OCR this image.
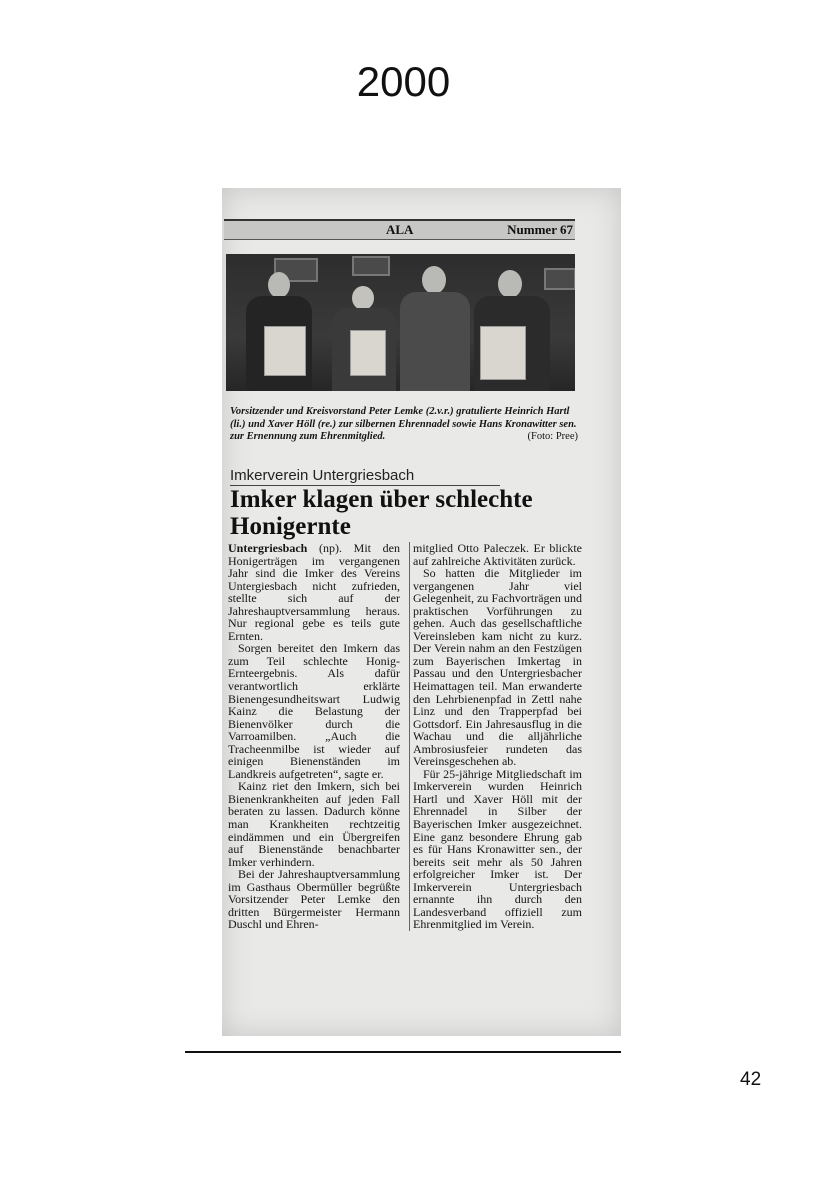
2000
ALA	Nummer 67
Vorsitzender und Kreisvorstand Peter Lemke (2.v.r.) gratulierte Heinrich Hartl (li.) und Xaver Höll (re.) zur silbernen Ehrennadel sowie Hans Kronawitter sen. zur Ernennung zum Ehrenmitglied.	(Foto: Pree)
Imkerverein Untergriesbach
Imker klagen über schlechte Honigernte

Untergriesbach (np). Mit den Honigerträgen im vergangenen Jahr sind die Imker des Vereins Untergiesbach nicht zufrieden, stellte sich auf der Jahreshauptversammlung heraus. Nur regional gebe es teils gute Ernten.

Sorgen bereitet den Imkern das zum Teil schlechte Honig-Ernteergebnis. Als dafür verantwortlich erklärte Bienengesundheitswart Ludwig Kainz die Belastung der Bienenvölker durch die Varroamilben. „Auch die Tracheenmilbe ist wieder auf einigen Bienenständen im Landkreis aufgetreten“, sagte er.

Kainz riet den Imkern, sich bei Bienenkrankheiten auf jeden Fall beraten zu lassen. Dadurch könne man Krankheiten rechtzeitig eindämmen und ein Übergreifen auf Bienenstände benachbarter Imker verhindern.

Bei der Jahreshauptversammlung im Gasthaus Obermüller begrüßte Vorsitzender Peter Lemke den dritten Bürgermeister Hermann Duschl und Ehren-

mitglied Otto Paleczek. Er blickte auf zahlreiche Aktivitäten zurück.

So hatten die Mitglieder im vergangenen Jahr viel Gelegenheit, zu Fachvorträgen und praktischen Vorführungen zu gehen. Auch das gesellschaftliche Vereinsleben kam nicht zu kurz. Der Verein nahm an den Festzügen zum Bayerischen Imkertag in Passau und den Untergriesbacher Heimattagen teil. Man erwanderte den Lehrbienenpfad in Zettl nahe Linz und den Trapperpfad bei Gottsdorf. Ein Jahresausflug in die Wachau und die alljährliche Ambrosiusfeier rundeten das Vereinsgeschehen ab.

Für 25-jährige Mitgliedschaft im Imkerverein wurden Heinrich Hartl und Xaver Höll mit der Ehrennadel in Silber der Bayerischen Imker ausgezeichnet. Eine ganz besondere Ehrung gab es für Hans Kronawitter sen., der bereits seit mehr als 50 Jahren erfolgreicher Imker ist. Der Imkerverein Untergriesbach ernannte ihn durch den Landesverband offiziell zum Ehrenmitglied im Verein.

42
